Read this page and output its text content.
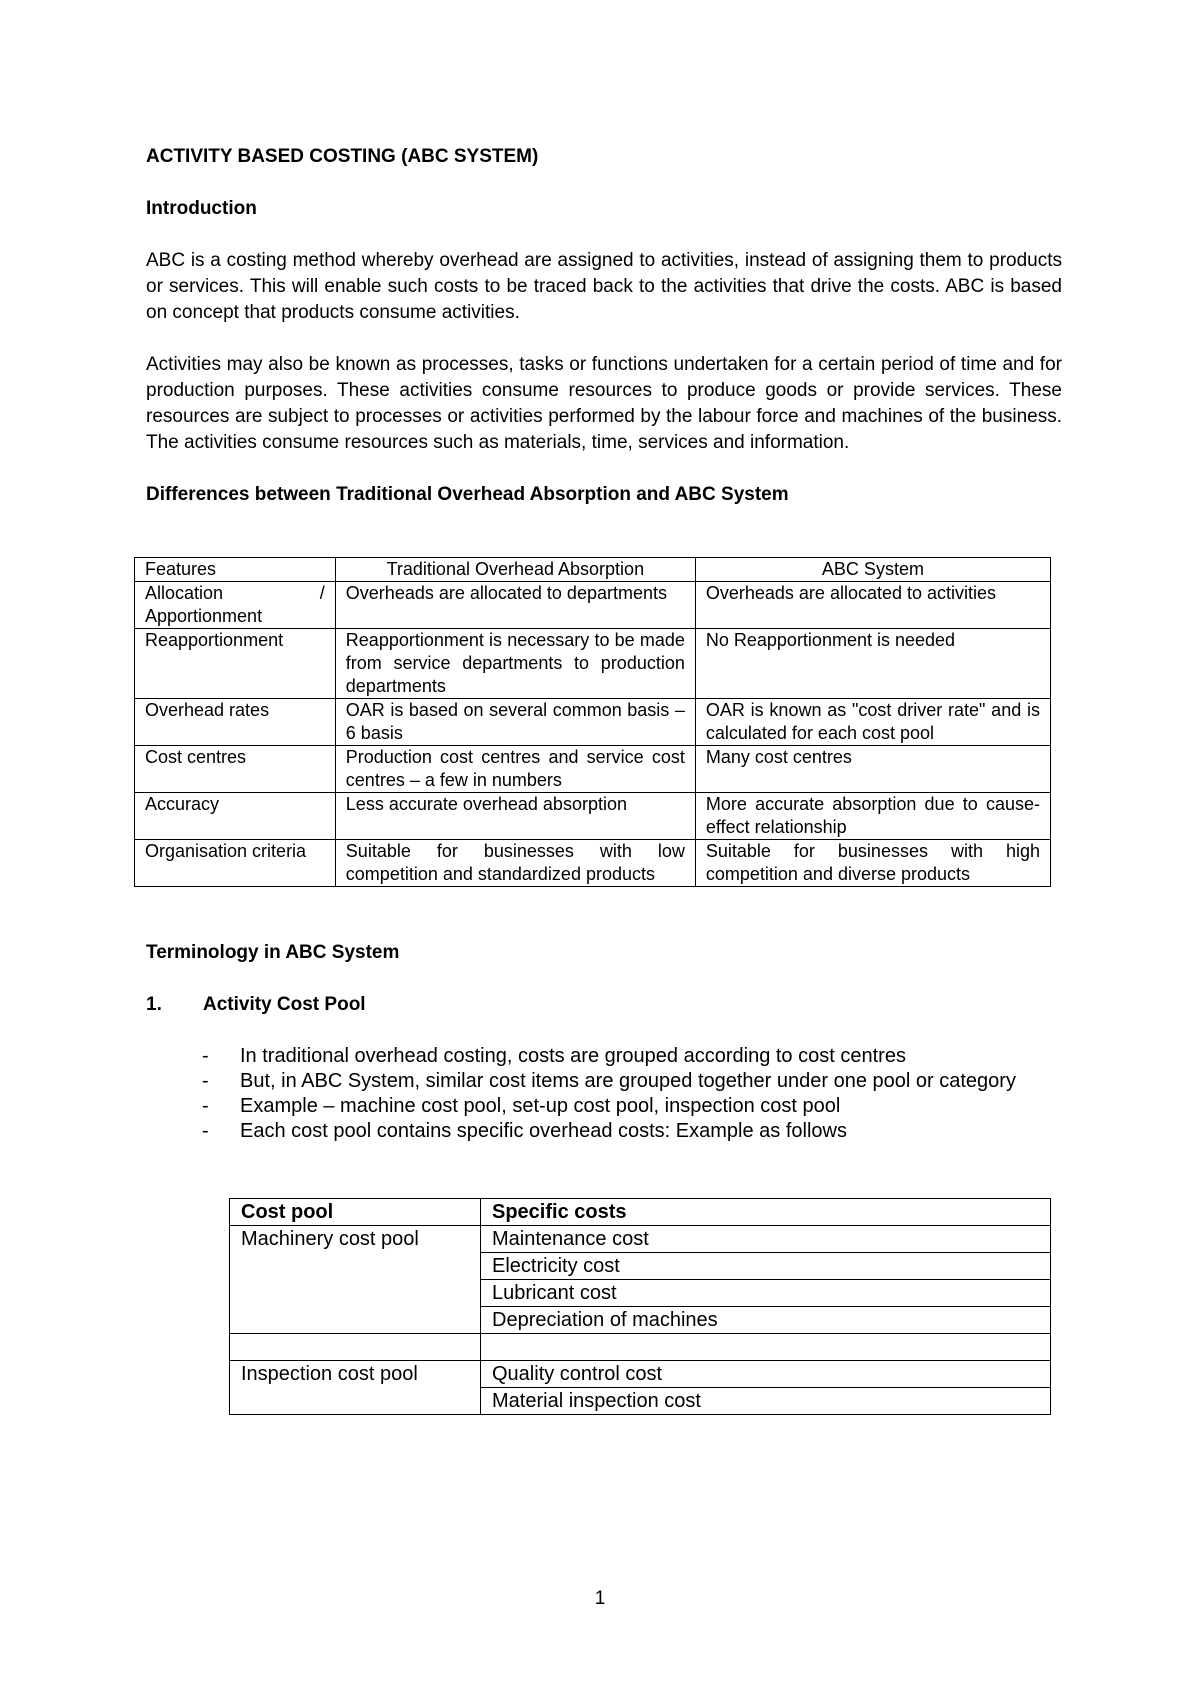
ACTIVITY BASED COSTING (ABC SYSTEM)

Introduction

ABC is a costing method whereby overhead are assigned to activities, instead of assigning them to products or services. This will enable such costs to be traced back to the activities that drive the costs. ABC is based on concept that products consume activities.

Activities may also be known as processes, tasks or functions undertaken for a certain period of time and for production purposes. These activities consume resources to produce goods or provide services. These resources are subject to processes or activities performed by the labour force and machines of the business. The activities consume resources such as materials, time, services and information.

Differences between Traditional Overhead Absorption and ABC System

Features	Traditional Overhead Absorption	ABC System

Allocation /
Apportionment	Overheads are allocated to departments	Overheads are allocated to activities
Reapportionment	Reapportionment is necessary to be made from service departments to production departments	No Reapportionment is needed
Overhead rates	OAR is based on several common basis – 6 basis	OAR is known as "cost driver rate" and is calculated for each cost pool
Cost centres	Production cost centres and service cost centres – a few in numbers	Many cost centres
Accuracy	Less accurate overhead absorption	More accurate absorption due to cause-effect relationship
Organisation criteria	Suitable for businesses with low competition and standardized products	Suitable for businesses with high competition and diverse products

Terminology in ABC System

1.	Activity Cost Pool
-	In traditional overhead costing, costs are grouped according to cost centres
-	But, in ABC System, similar cost items are grouped together under one pool or category
-	Example – machine cost pool, set-up cost pool, inspection cost pool
-	Each cost pool contains specific overhead costs: Example as follows
Cost pool	Specific costs
Machinery cost pool	Maintenance cost
	Electricity cost
	Lubricant cost
	Depreciation of machines

Inspection cost pool	Quality control cost
	Material inspection cost
1
